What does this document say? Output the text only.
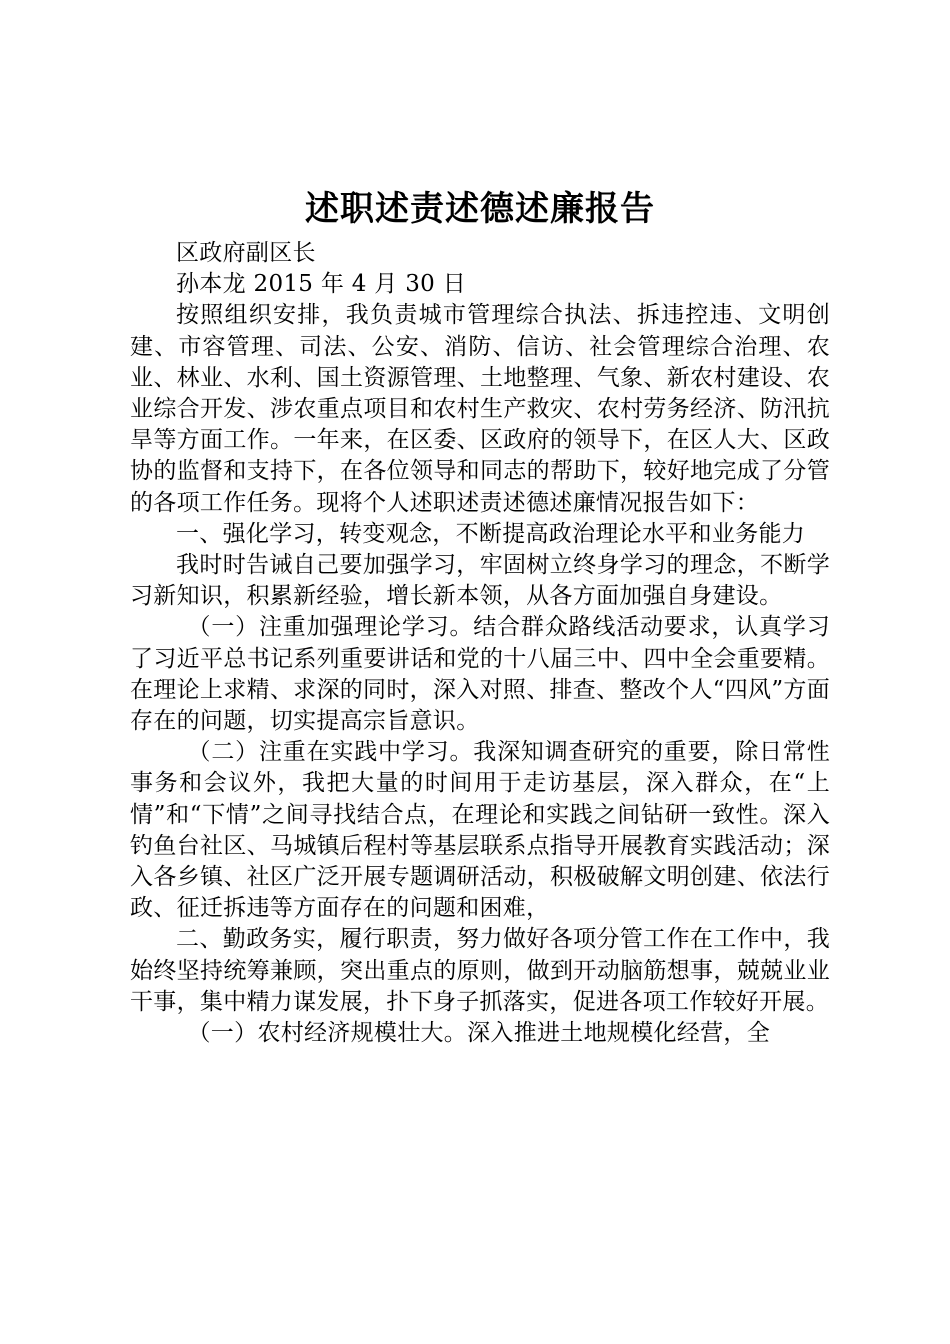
述职述责述德述廉报告

区政府副区长

孙本龙 2015 年 4 月 30 日

按照组织安排，我负责城市管理综合执法、拆违控违、文明创建、市容管理、司法、公安、消防、信访、社会管理综合治理、农业、林业、水利、国土资源管理、土地整理、气象、新农村建设、农业综合开发、涉农重点项目和农村生产救灾、农村劳务经济、防汛抗旱等方面工作。一年来，在区委、区政府的领导下，在区人大、区政协的监督和支持下，在各位领导和同志的帮助下，较好地完成了分管的各项工作任务。现将个人述职述责述德述廉情况报告如下：

一、强化学习，转变观念，不断提高政治理论水平和业务能力

我时时告诫自己要加强学习，牢固树立终身学习的理念，不断学习新知识，积累新经验，增长新本领，从各方面加强自身建设。

（一）注重加强理论学习。结合群众路线活动要求，认真学习了习近平总书记系列重要讲话和党的十八届三中、四中全会重要精。在理论上求精、求深的同时，深入对照、排查、整改个人“四风”方面存在的问题，切实提高宗旨意识。

（二）注重在实践中学习。我深知调查研究的重要，除日常性事务和会议外，我把大量的时间用于走访基层，深入群众，在“上情”和“下情”之间寻找结合点，在理论和实践之间钻研一致性。深入钓鱼台社区、马城镇后程村等基层联系点指导开展教育实践活动；深入各乡镇、社区广泛开展专题调研活动，积极破解文明创建、依法行政、征迁拆违等方面存在的问题和困难，

二、勤政务实，履行职责，努力做好各项分管工作在工作中，我始终坚持统筹兼顾，突出重点的原则，做到开动脑筋想事，兢兢业业干事，集中精力谋发展，扑下身子抓落实，促进各项工作较好开展。

（一）农村经济规模壮大。深入推进土地规模化经营，全
